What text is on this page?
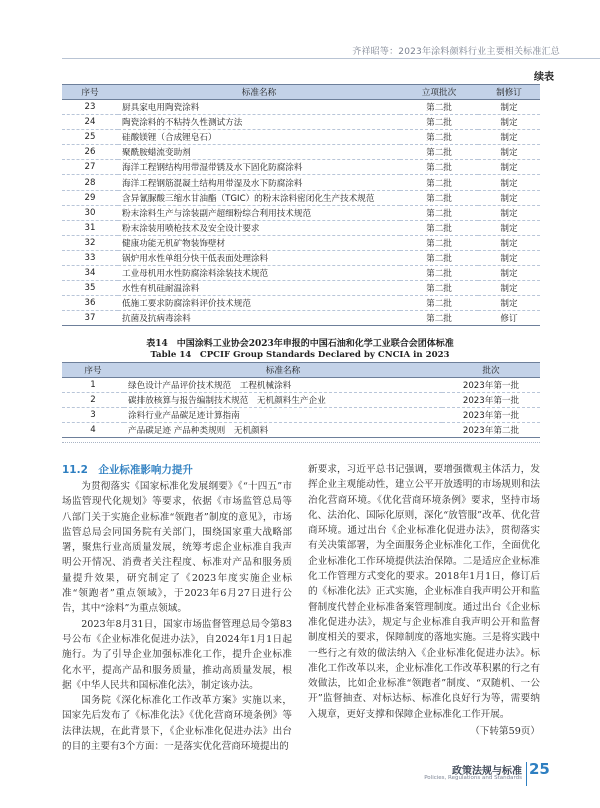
齐祥昭等：2023年涂料颜料行业主要相关标准汇总
续表
序号	标准名称	立项批次	制修订
23	厨具家电用陶瓷涂料	第二批	制定
24	陶瓷涂料的不粘持久性测试方法	第二批	制定
25	硅酸镁锂（合成锂皂石）	第二批	制定
26	聚酰胺蜡流变助剂	第二批	制定
27	海洋工程钢结构用带湿带锈及水下固化防腐涂料	第二批	制定
28	海洋工程钢筋混凝土结构用带湿及水下防腐涂料	第二批	制定
29	含异氰脲酸三缩水甘油酯（TGIC）的粉末涂料密闭化生产技术规范	第二批	制定
30	粉末涂料生产与涂装副产超细粉综合利用技术规范	第二批	制定
31	粉末涂装用喷枪技术及安全设计要求	第二批	制定
32	健康功能无机矿物装饰壁材	第二批	制定
33	锅炉用水性单组分快干低表面处理涂料	第二批	制定
34	工业母机用水性防腐涂料涂装技术规范	第二批	制定
35	水性有机硅耐温涂料	第二批	制定
36	低施工要求防腐涂料评价技术规范	第二批	制定
37	抗菌及抗病毒涂料	第二批	修订
表14　中国涂料工业协会2023年申报的中国石油和化学工业联合会团体标准
Table 14　CPCIF Group Standards Declared by CNCIA in 2023
序号	标准名称	批次
1	绿色设计产品评价技术规范　工程机械涂料	2023年第一批
2	碳排放核算与报告编制技术规范　无机颜料生产企业	2023年第一批
3	涂料行业产品碳足迹计算指南	2023年第一批
4	产品碳足迹 产品种类规则　无机颜料	2023年第二批
11.2　企业标准影响力提升

为贯彻落实《国家标准化发展纲要》《“十四五”市场监管现代化规划》等要求，依据《市场监管总局等八部门关于实施企业标准“领跑者”制度的意见》，市场监管总局会同国务院有关部门，围绕国家重大战略部署，聚焦行业高质量发展，统筹考虑企业标准自我声明公开情况、消费者关注程度、标准对产品和服务质量提升效果，研究制定了《2023年度实施企业标准“领跑者”重点领域》，于2023年6月27日进行公告，其中“涂料”为重点领域。

2023年8月31日，国家市场监督管理总局令第83号公布《企业标准化促进办法》，自2024年1月1日起施行。为了引导企业加强标准化工作，提升企业标准化水平，提高产品和服务质量，推动高质量发展，根据《中华人民共和国标准化法》，制定该办法。

国务院《深化标准化工作改革方案》实施以来，国家先后发布了《标准化法》《优化营商环境条例》等法律法规，在此背景下，《企业标准化促进办法》出台的目的主要有3个方面：一是落实优化营商环境提出的

新要求，习近平总书记强调，要增强微观主体活力，发挥企业主观能动性，建立公平开放透明的市场规则和法治化营商环境。《优化营商环境条例》要求，坚持市场化、法治化、国际化原则，深化“放管服”改革、优化营商环境。通过出台《企业标准化促进办法》，贯彻落实有关决策部署，为全面服务企业标准化工作，全面优化企业标准化工作环境提供法治保障。二是适应企业标准化工作管理方式变化的要求。2018年1月1日，修订后的《标准化法》正式实施，企业标准自我声明公开和监督制度代替企业标准备案管理制度。通过出台《企业标准化促进办法》，规定与企业标准自我声明公开和监督制度相关的要求，保障制度的落地实施。三是将实践中一些行之有效的做法纳入《企业标准化促进办法》。标准化工作改革以来，企业标准化工作改革积累的行之有效做法，比如企业标准“领跑者”制度、“双随机、一公开”监督抽查、对标达标、标准化良好行为等，需要纳入规章，更好支撑和保障企业标准化工作开展。

（下转第59页）

政策法规与标准
Policies, Regulations and Standards 25
